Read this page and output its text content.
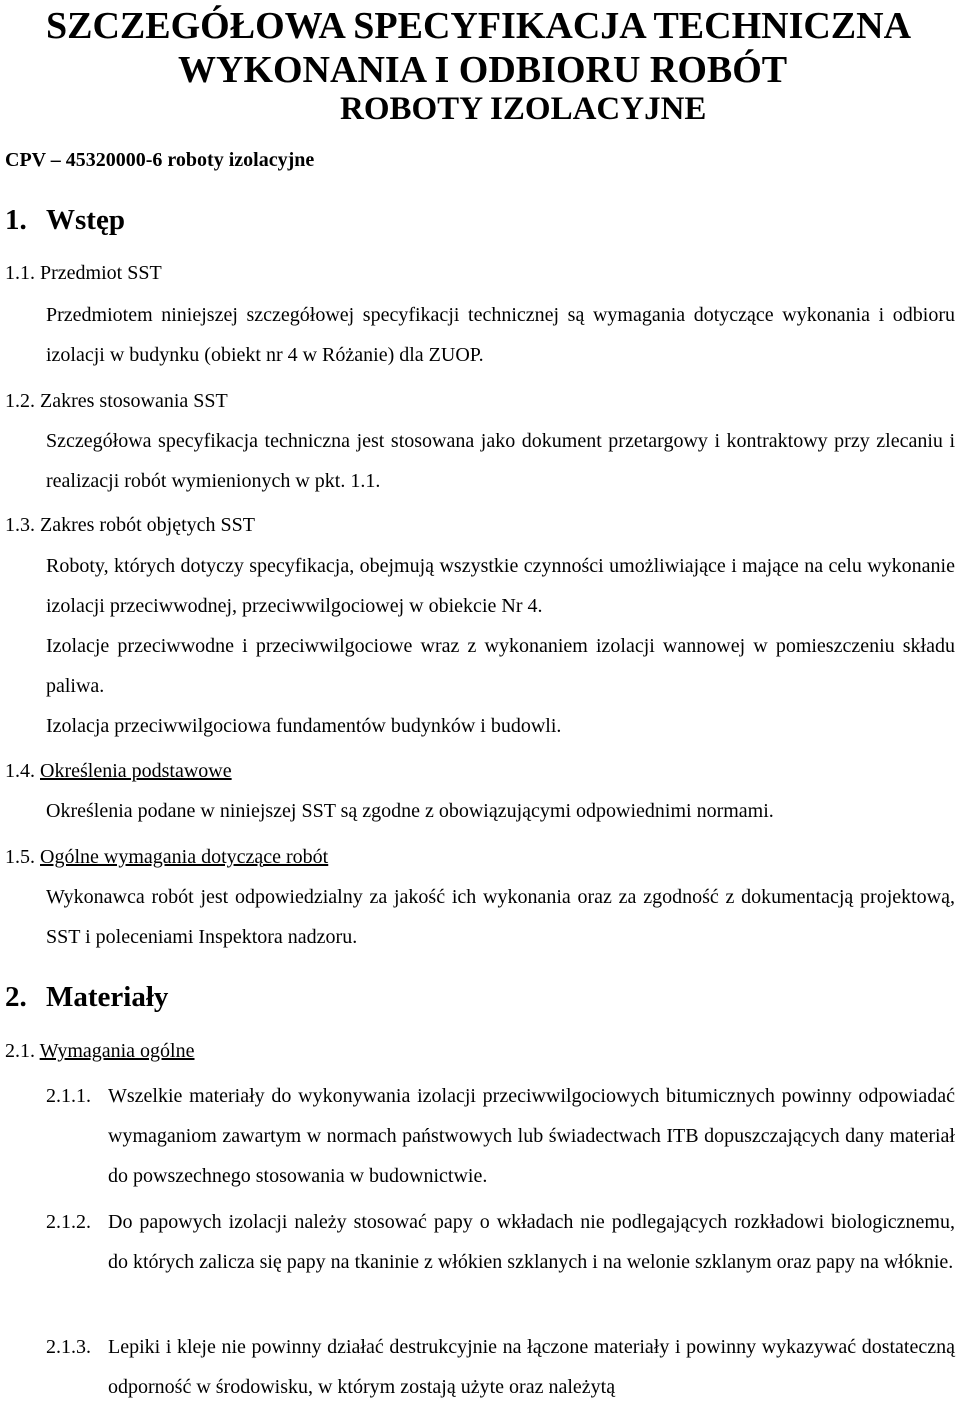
SZCZEGÓŁOWA SPECYFIKACJA TECHNICZNA
WYKONANIA I ODBIORU ROBÓT
ROBOTY IZOLACYJNE
CPV – 45320000-6 roboty izolacyjne
1. Wstęp
1.1. Przedmiot SST
Przedmiotem niniejszej szczegółowej specyfikacji technicznej są wymagania dotyczące wykonania i odbioru izolacji w budynku (obiekt nr 4 w Różanie) dla ZUOP.
1.2. Zakres stosowania SST
Szczegółowa specyfikacja techniczna jest stosowana jako dokument przetargowy i kontraktowy przy zlecaniu i realizacji robót wymienionych w pkt. 1.1.
1.3. Zakres robót objętych SST
Roboty, których dotyczy specyfikacja, obejmują wszystkie czynności umożliwiające i mające na celu wykonanie izolacji przeciwwodnej, przeciwwilgociowej w obiekcie Nr 4.
Izolacje przeciwwodne i przeciwwilgociowe wraz z wykonaniem izolacji wannowej w pomieszczeniu składu paliwa.
Izolacja przeciwwilgociowa fundamentów budynków i budowli.
1.4. Określenia podstawowe
Określenia podane w niniejszej SST są zgodne z obowiązującymi odpowiednimi normami.
1.5. Ogólne wymagania dotyczące robót
Wykonawca robót jest odpowiedzialny za jakość ich wykonania oraz za zgodność z dokumentacją projektową, SST i poleceniami Inspektora nadzoru.
2. Materiały
2.1. Wymagania ogólne
2.1.1. Wszelkie materiały do wykonywania izolacji przeciwwilgociowych bitumicznych powinny odpowiadać wymaganiom zawartym w normach państwowych lub świadectwach ITB dopuszczających dany materiał do powszechnego stosowania w budownictwie.
2.1.2. Do papowych izolacji należy stosować papy o wkładach nie podlegających rozkładowi biologicznemu, do których zalicza się papy na tkaninie z włókien szklanych i na welonie szklanym oraz papy na włóknie.
2.1.3. Lepiki i kleje nie powinny działać destrukcyjnie na łączone materiały i powinny wykazywać dostateczną odporność w środowisku, w którym zostają użyte oraz należytą
